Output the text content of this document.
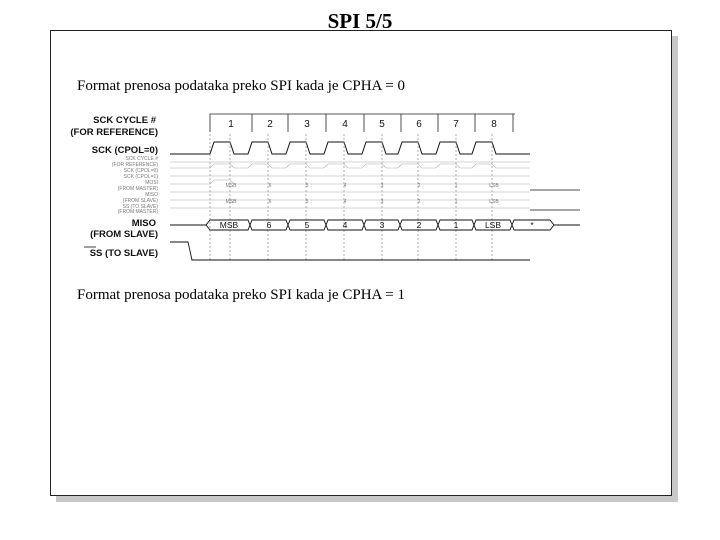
SPI 5/5
Format prenosa podataka preko SPI kada je CPHA = 0
Format prenosa podataka preko SPI kada je CPHA = 1
SCK CYCLE #
(FOR REFERENCE)
SCK (CPOL=0)
SCK CYCLE #
(FOR REFERENCE)
SCK (CPOL=0)
SCK (CPOL=1)
MOSI
(FROM MASTER)
MISO
(FROM SLAVE)
SS (TO SLAVE)
(FROM MASTER)
MISO
(FROM SLAVE)
SS (TO SLAVE)
1	2	3	4	5	6	7	8
MSB	6	5	4	3	2	1	LSB
MSB	6	5	4	3	2	1	LSB
MSB	6	5	4	3	2	1	LSB	*
